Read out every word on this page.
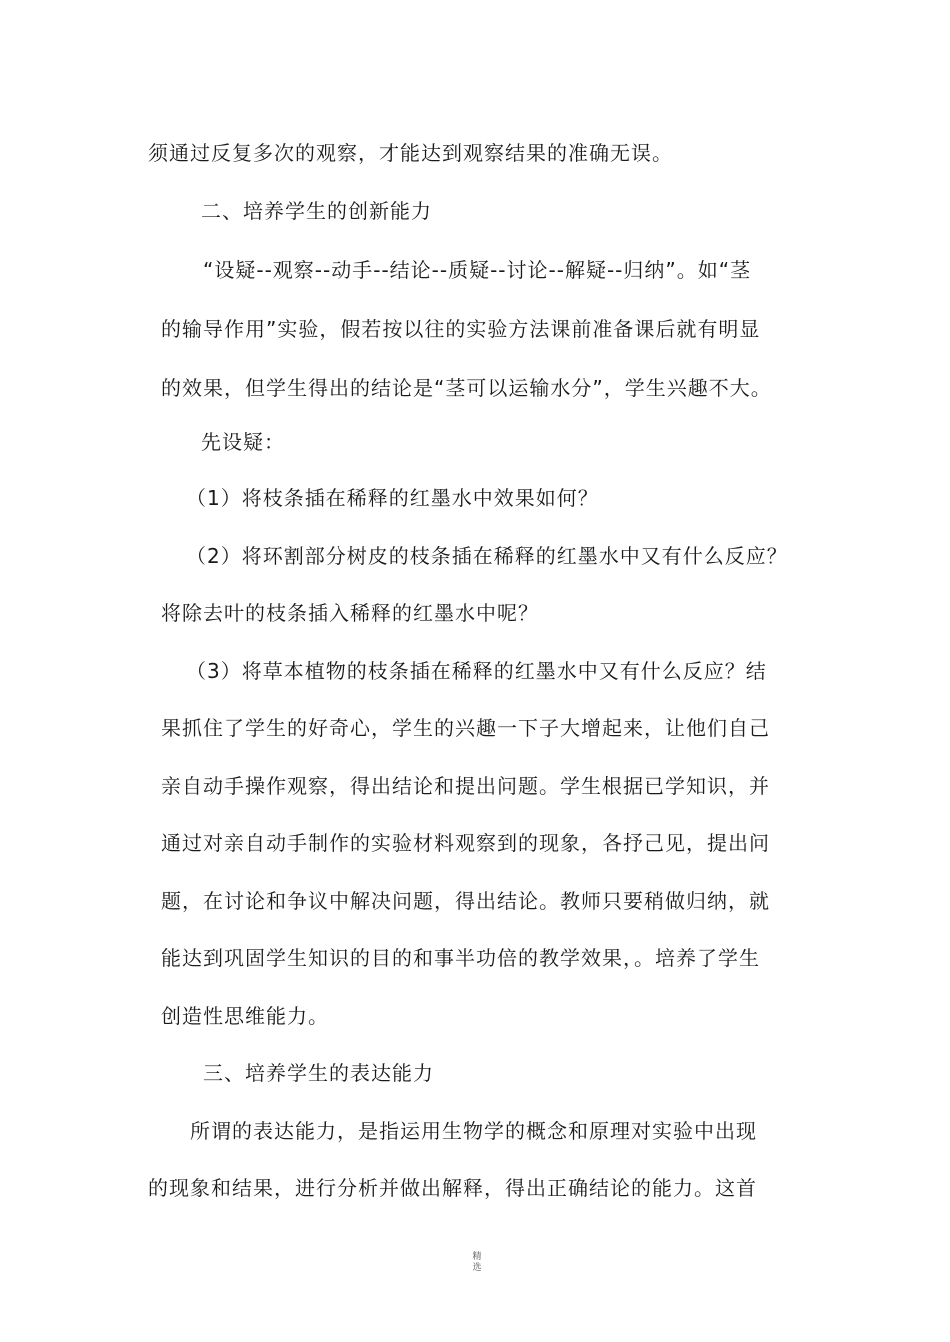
须通过反复多次的观察，才能达到观察结果的准确无误。
二、培养学生的创新能力
“设疑--观察--动手--结论--质疑--讨论--解疑--归纳”。如“茎
的输导作用”实验，假若按以往的实验方法课前准备课后就有明显
的效果，但学生得出的结论是“茎可以运输水分”，学生兴趣不大。
先设疑：
（1）将枝条插在稀释的红墨水中效果如何？
（2）将环割部分树皮的枝条插在稀释的红墨水中又有什么反应？
将除去叶的枝条插入稀释的红墨水中呢？
（3）将草本植物的枝条插在稀释的红墨水中又有什么反应？结
果抓住了学生的好奇心，学生的兴趣一下子大增起来，让他们自己
亲自动手操作观察，得出结论和提出问题。学生根据已学知识，并
通过对亲自动手制作的实验材料观察到的现象，各抒己见，提出问
题，在讨论和争议中解决问题，得出结论。教师只要稍做归纳，就
能达到巩固学生知识的目的和事半功倍的教学效果，。培养了学生
创造性思维能力。
三、培养学生的表达能力
所谓的表达能力，是指运用生物学的概念和原理对实验中出现
的现象和结果，进行分析并做出解释，得出正确结论的能力。这首
精
选
